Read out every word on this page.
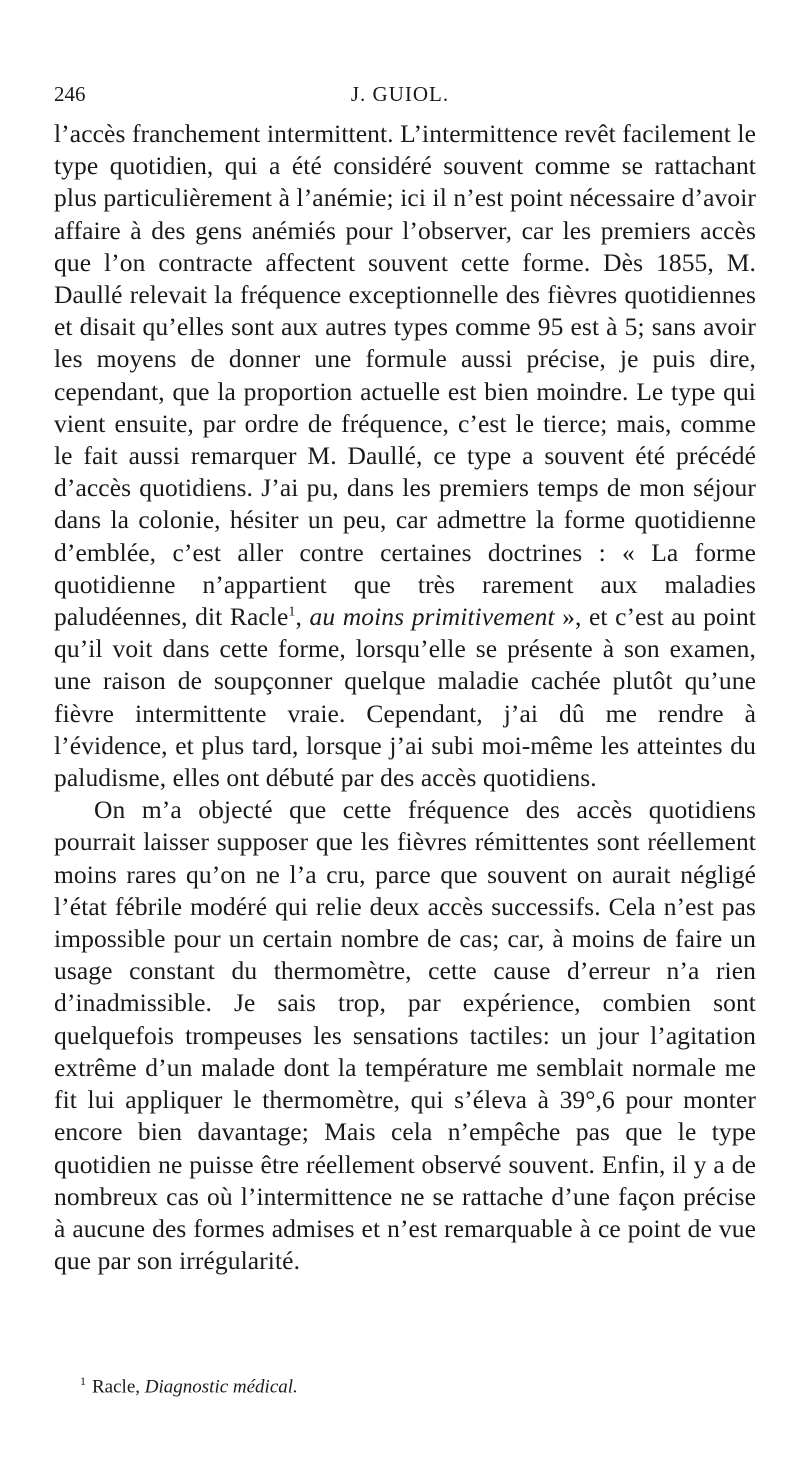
246	J. GUIOL.

l’accès franchement intermittent. L’intermittence revêt facilement le type quotidien, qui a été considéré souvent comme se rattachant plus particulièrement à l’anémie; ici il n’est point nécessaire d’avoir affaire à des gens anémiés pour l’observer, car les premiers accès que l’on contracte affectent souvent cette forme. Dès 1855, M. Daullé relevait la fréquence exceptionnelle des fièvres quotidiennes et disait qu’elles sont aux autres types comme 95 est à 5; sans avoir les moyens de donner une formule aussi précise, je puis dire, cependant, que la proportion actuelle est bien moindre. Le type qui vient ensuite, par ordre de fréquence, c’est le tierce; mais, comme le fait aussi remarquer M. Daullé, ce type a souvent été précédé d’accès quotidiens. J’ai pu, dans les premiers temps de mon séjour dans la colonie, hésiter un peu, car admettre la forme quotidienne d’emblée, c’est aller contre certaines doctrines : « La forme quotidienne n’appartient que très rarement aux maladies paludéennes, dit Racle$^1$, au moins primitivement », et c’est au point qu’il voit dans cette forme, lorsqu’elle se présente à son examen, une raison de soupçonner quelque maladie cachée plutôt qu’une fièvre intermittente vraie. Cependant, j’ai dû me rendre à l’évidence, et plus tard, lorsque j’ai subi moi-même les atteintes du paludisme, elles ont débuté par des accès quotidiens.

On m’a objecté que cette fréquence des accès quotidiens pourrait laisser supposer que les fièvres rémittentes sont réellement moins rares qu’on ne l’a cru, parce que souvent on aurait négligé l’état fébrile modéré qui relie deux accès successifs. Cela n’est pas impossible pour un certain nombre de cas; car, à moins de faire un usage constant du thermomètre, cette cause d’erreur n’a rien d’inadmissible. Je sais trop, par expérience, combien sont quelquefois trompeuses les sensations tactiles: un jour l’agitation extrême d’un malade dont la température me semblait normale me fit lui appliquer le thermomètre, qui s’éleva à 39°,6 pour monter encore bien davantage; Mais cela n’empêche pas que le type quotidien ne puisse être réellement observé souvent. Enfin, il y a de nombreux cas où l’intermittence ne se rattache d’une façon précise à aucune des formes admises et n’est remarquable à ce point de vue que par son irrégularité.

$^1$ Racle, Diagnostic médical.
